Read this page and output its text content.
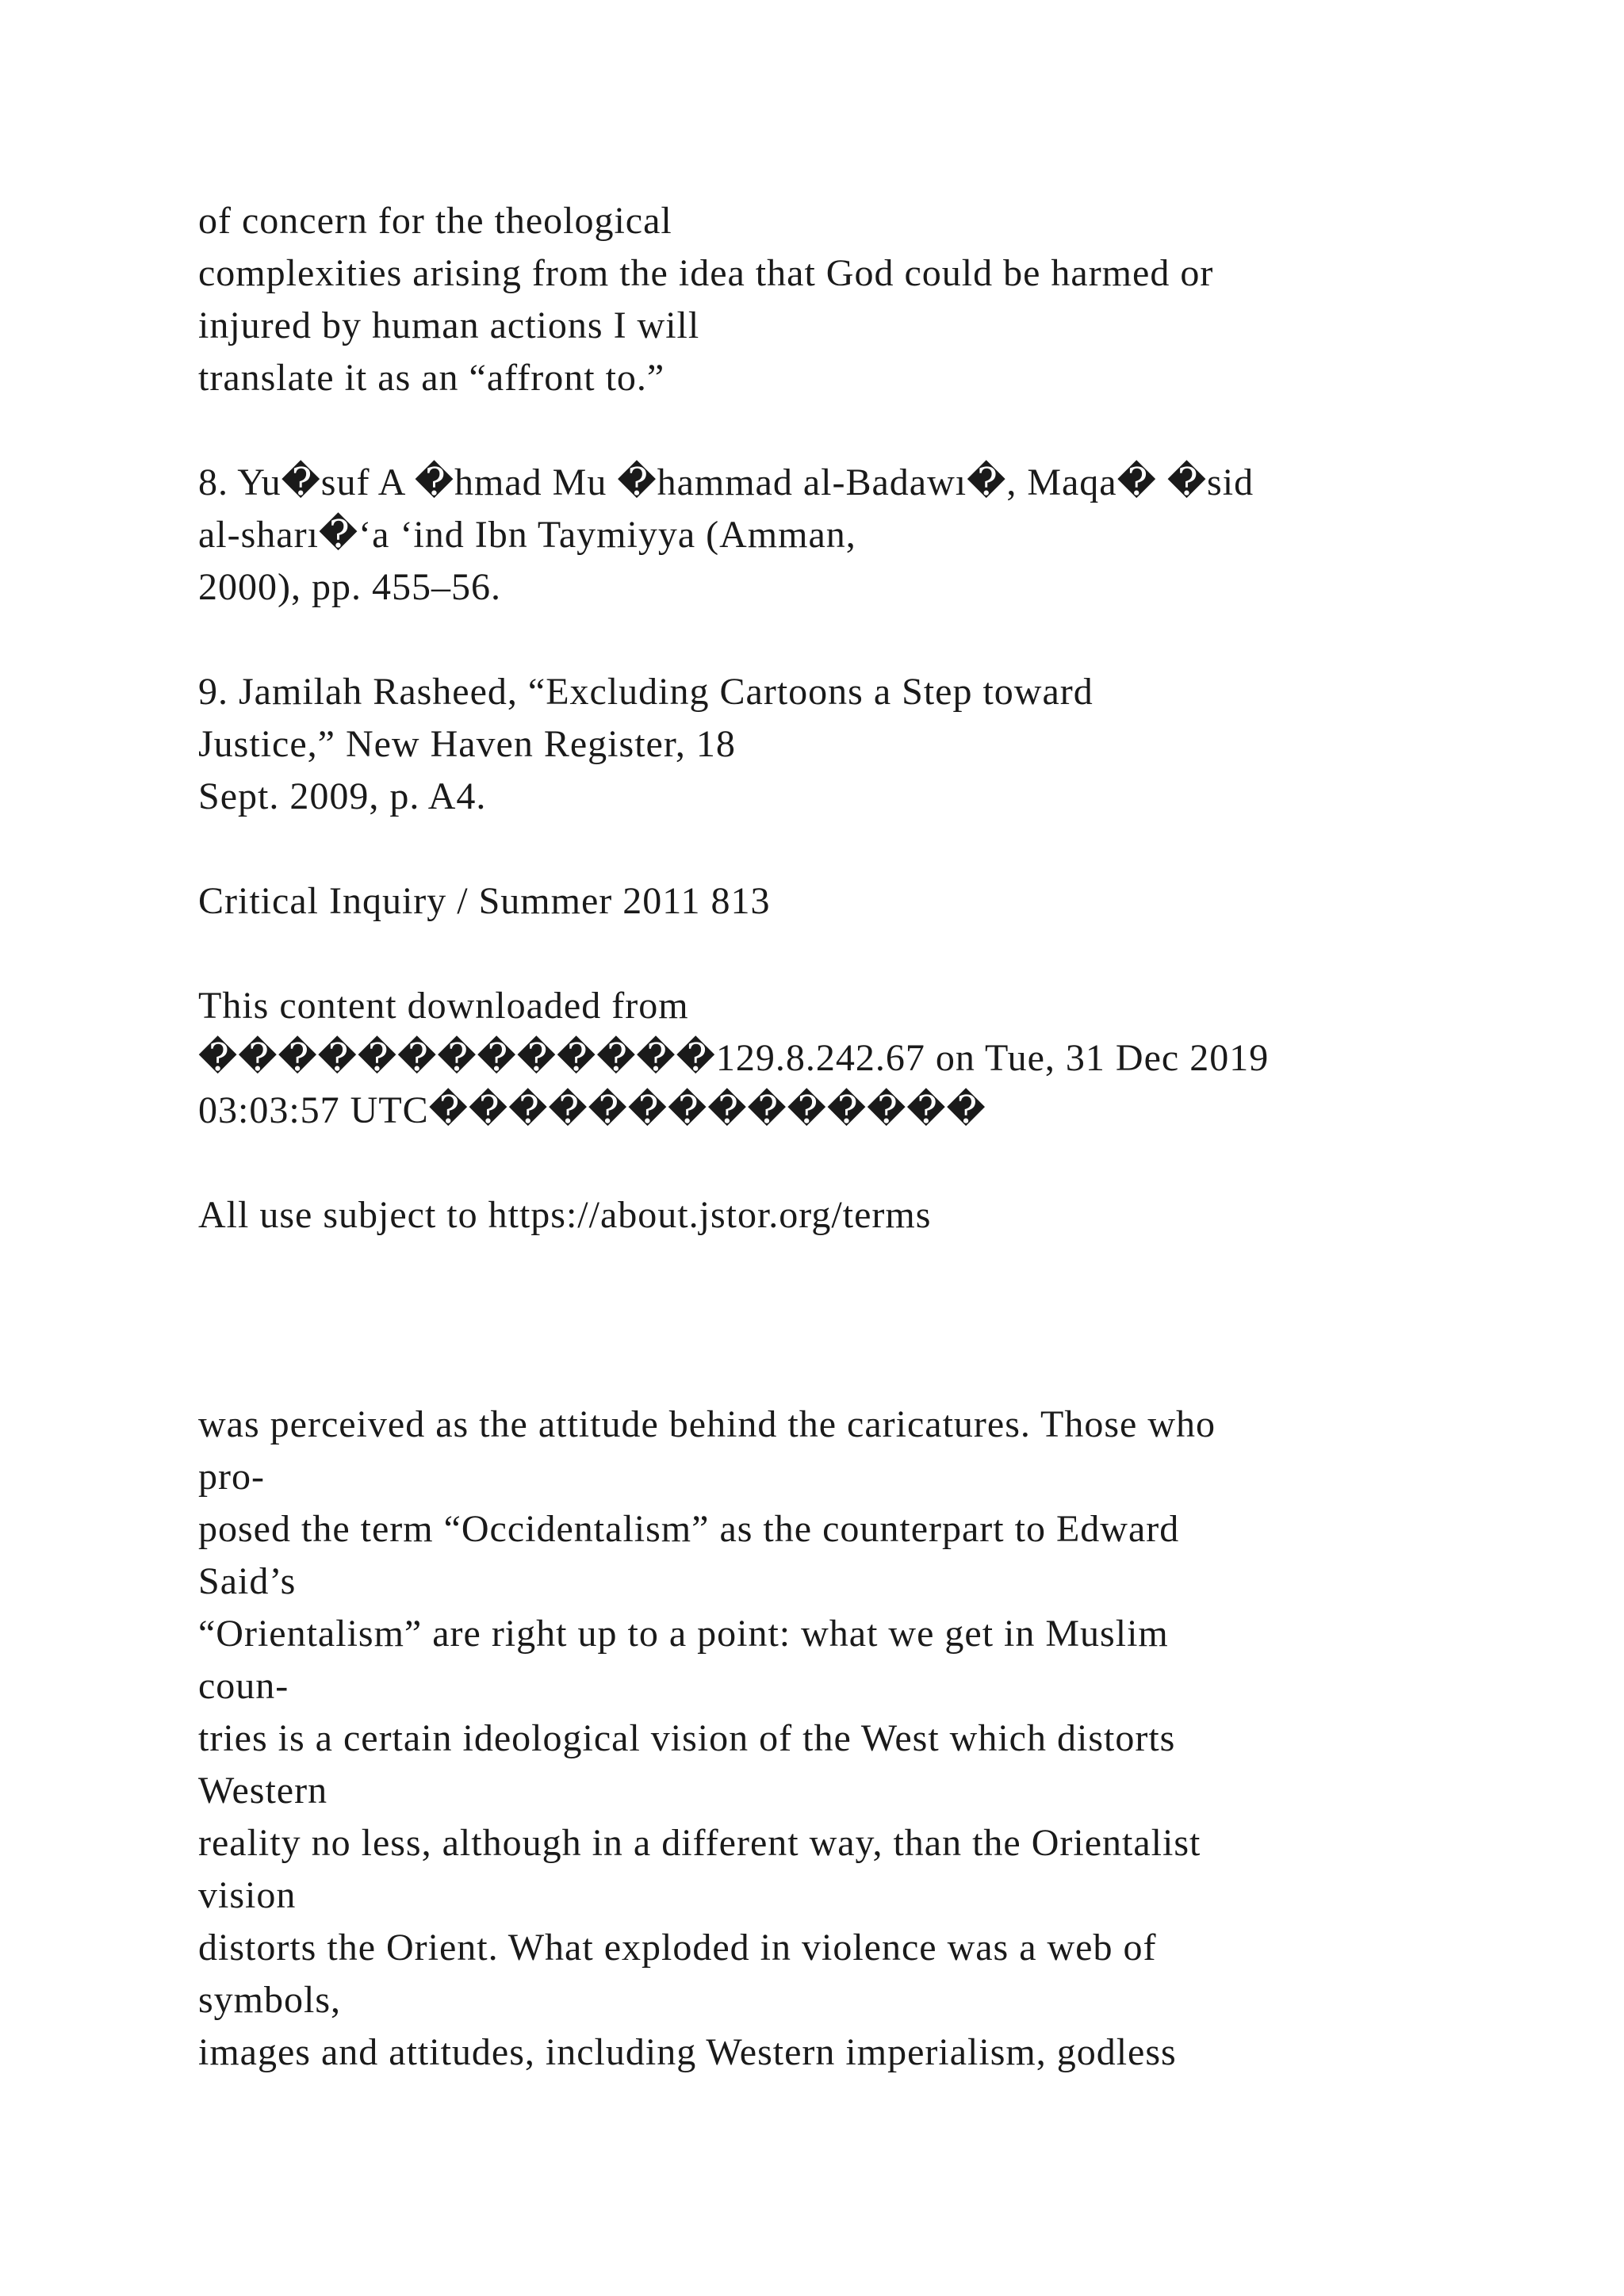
of concern for the theological
complexities arising from the idea that God could be harmed or
injured by human actions I will
translate it as an “affront to.”
8. Yu�suf A �hmad Mu �hammad al-Badawı�, Maqa� �sid
al-sharı�‘a ‘ind Ibn Taymiyya (Amman,
2000), pp. 455–56.
9. Jamilah Rasheed, “Excluding Cartoons a Step toward
Justice,” New Haven Register, 18
Sept. 2009, p. A4.
Critical Inquiry / Summer 2011 813
This content downloaded from
�������������129.8.242.67 on Tue, 31 Dec 2019
03:03:57 UTC��������������
All use subject to https://about.jstor.org/terms
was perceived as the attitude behind the caricatures. Those who
pro-
posed the term “Occidentalism” as the counterpart to Edward
Said’s
“Orientalism” are right up to a point: what we get in Muslim
coun-
tries is a certain ideological vision of the West which distorts
Western
reality no less, although in a different way, than the Orientalist
vision
distorts the Orient. What exploded in violence was a web of
symbols,
images and attitudes, including Western imperialism, godless
